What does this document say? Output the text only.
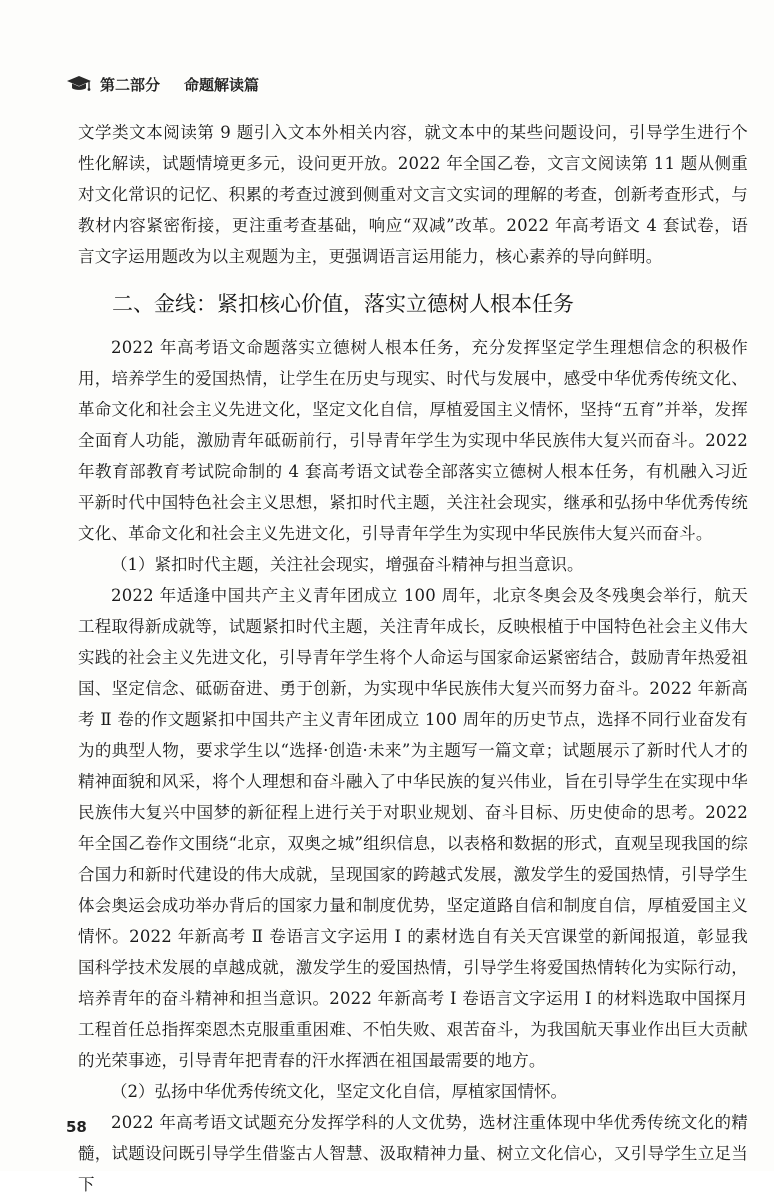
第二部分 命题解读篇

文学类文本阅读第 9 题引入文本外相关内容，就文本中的某些问题设问，引导学生进行个性化解读，试题情境更多元，设问更开放。2022 年全国乙卷，文言文阅读第 11 题从侧重对文化常识的记忆、积累的考查过渡到侧重对文言文实词的理解的考查，创新考查形式，与教材内容紧密衔接，更注重考查基础，响应“双减”改革。2022 年高考语文 4 套试卷，语言文字运用题改为以主观题为主，更强调语言运用能力，核心素养的导向鲜明。

二、金线：紧扣核心价值，落实立德树人根本任务

2022 年高考语文命题落实立德树人根本任务，充分发挥坚定学生理想信念的积极作用，培养学生的爱国热情，让学生在历史与现实、时代与发展中，感受中华优秀传统文化、革命文化和社会主义先进文化，坚定文化自信，厚植爱国主义情怀，坚持“五育”并举，发挥全面育人功能，激励青年砥砺前行，引导青年学生为实现中华民族伟大复兴而奋斗。2022 年教育部教育考试院命制的 4 套高考语文试卷全部落实立德树人根本任务，有机融入习近平新时代中国特色社会主义思想，紧扣时代主题，关注社会现实，继承和弘扬中华优秀传统文化、革命文化和社会主义先进文化，引导青年学生为实现中华民族伟大复兴而奋斗。

（1）紧扣时代主题，关注社会现实，增强奋斗精神与担当意识。

2022 年适逢中国共产主义青年团成立 100 周年，北京冬奥会及冬残奥会举行，航天工程取得新成就等，试题紧扣时代主题，关注青年成长，反映根植于中国特色社会主义伟大实践的社会主义先进文化，引导青年学生将个人命运与国家命运紧密结合，鼓励青年热爱祖国、坚定信念、砥砺奋进、勇于创新，为实现中华民族伟大复兴而努力奋斗。2022 年新高考 Ⅱ 卷的作文题紧扣中国共产主义青年团成立 100 周年的历史节点，选择不同行业奋发有为的典型人物，要求学生以“选择·创造·未来”为主题写一篇文章；试题展示了新时代人才的精神面貌和风采，将个人理想和奋斗融入了中华民族的复兴伟业，旨在引导学生在实现中华民族伟大复兴中国梦的新征程上进行关于对职业规划、奋斗目标、历史使命的思考。2022 年全国乙卷作文围绕“北京，双奥之城”组织信息，以表格和数据的形式，直观呈现我国的综合国力和新时代建设的伟大成就，呈现国家的跨越式发展，激发学生的爱国热情，引导学生体会奥运会成功举办背后的国家力量和制度优势，坚定道路自信和制度自信，厚植爱国主义情怀。2022 年新高考 Ⅱ 卷语言文字运用 Ⅰ 的素材选自有关天宫课堂的新闻报道，彰显我国科学技术发展的卓越成就，激发学生的爱国热情，引导学生将爱国热情转化为实际行动，培养青年的奋斗精神和担当意识。2022 年新高考 Ⅰ 卷语言文字运用 Ⅰ 的材料选取中国探月工程首任总指挥栾恩杰克服重重困难、不怕失败、艰苦奋斗，为我国航天事业作出巨大贡献的光荣事迹，引导青年把青春的汗水挥洒在祖国最需要的地方。

（2）弘扬中华优秀传统文化，坚定文化自信，厚植家国情怀。

2022 年高考语文试题充分发挥学科的人文优势，选材注重体现中华优秀传统文化的精髓，试题设问既引导学生借鉴古人智慧、汲取精神力量、树立文化信心，又引导学生立足当下

58
